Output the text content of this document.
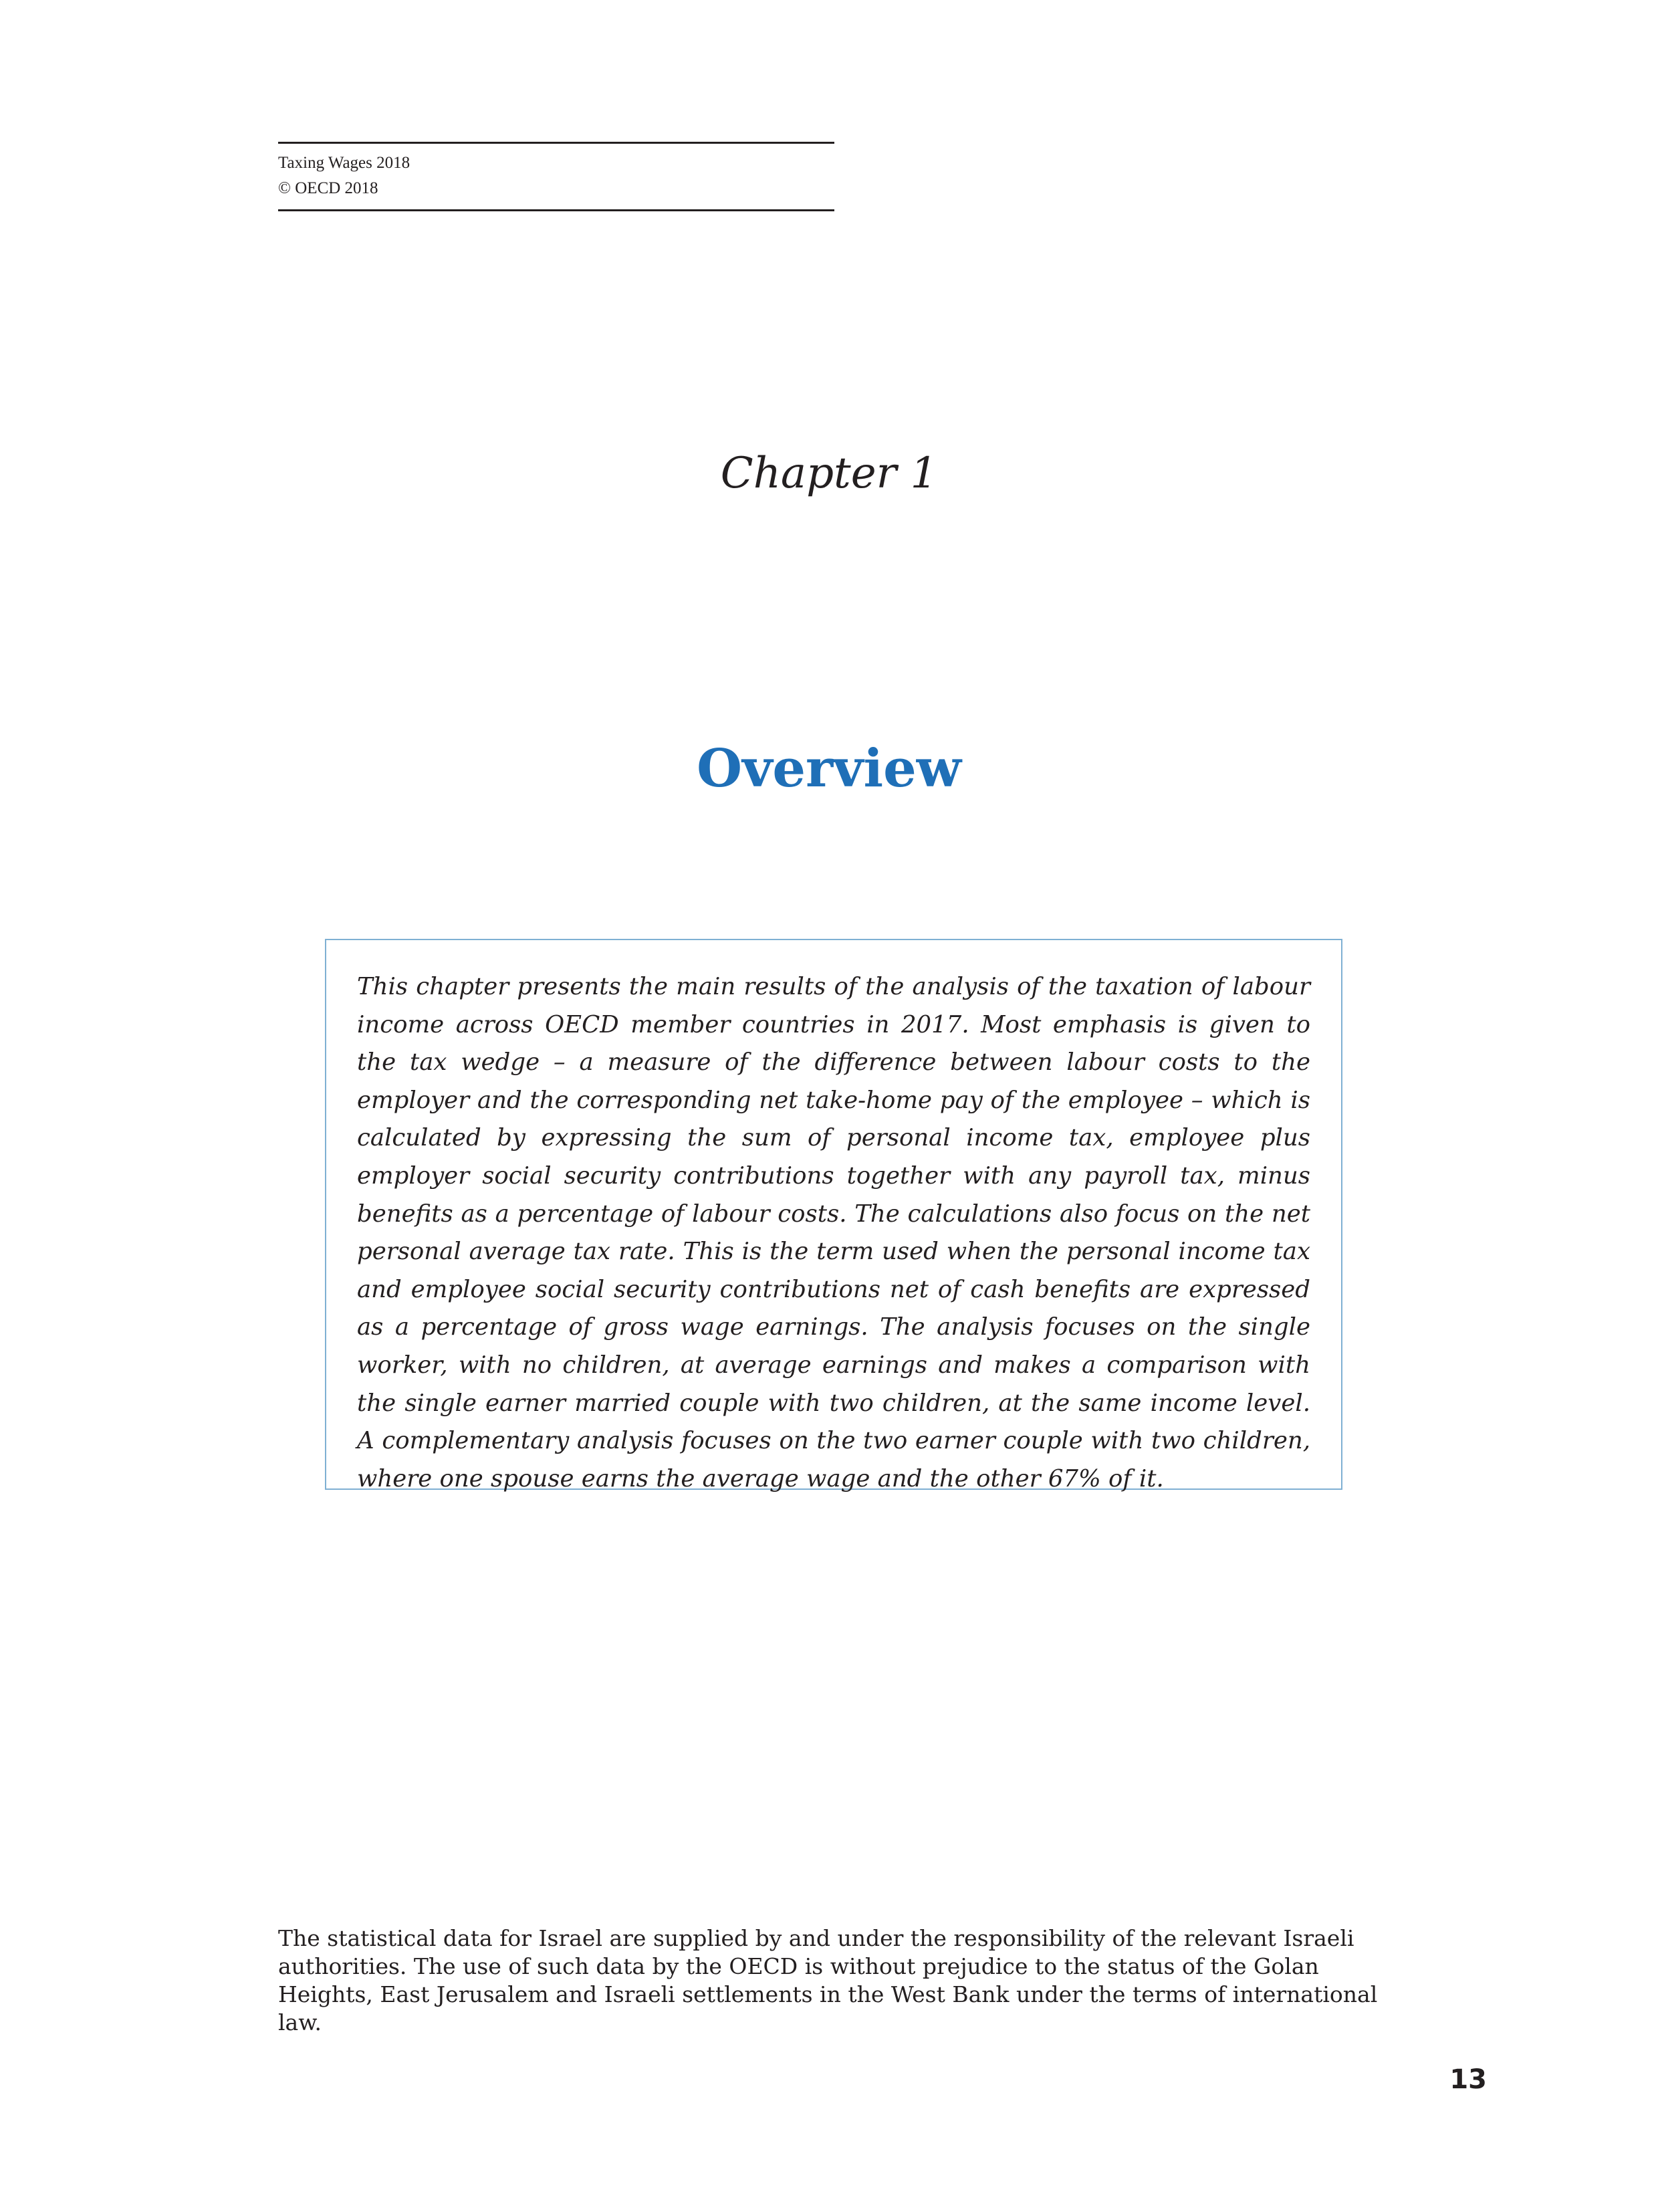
Taxing Wages 2018
© OECD 2018
Chapter 1
Overview

This chapter presents the main results of the analysis of the taxation of labour income across OECD member countries in 2017. Most emphasis is given to the tax wedge – a measure of the difference between labour costs to the employer and the corresponding net take-home pay of the employee – which is calculated by expressing the sum of personal income tax, employee plus employer social security contributions together with any payroll tax, minus benefits as a percentage of labour costs. The calculations also focus on the net personal average tax rate. This is the term used when the personal income tax and employee social security contributions net of cash benefits are expressed as a percentage of gross wage earnings. The analysis focuses on the single worker, with no children, at average earnings and makes a comparison with the single earner married couple with two children, at the same income level. A complementary analysis focuses on the two earner couple with two children, where one spouse earns the average wage and the other 67% of it.

The statistical data for Israel are supplied by and under the responsibility of the relevant Israeli authorities. The use of such data by the OECD is without prejudice to the status of the Golan Heights, East Jerusalem and Israeli settlements in the West Bank under the terms of international law.

13
